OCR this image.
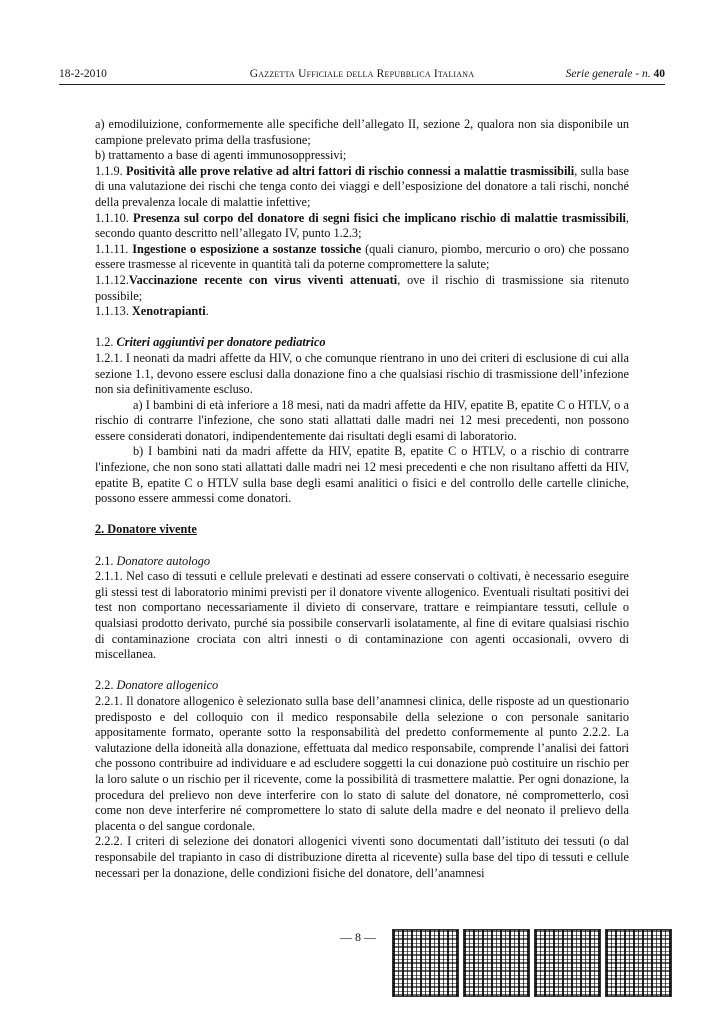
18-2-2010	Gazzetta Ufficiale della Repubblica Italiana	Serie generale - n. 40

a) emodiluizione, conformemente alle specifiche dell’allegato II, sezione 2, qualora non sia disponibile un campione prelevato prima della trasfusione;

b) trattamento a base di agenti immunosoppressivi;

1.1.9. Positività alle prove relative ad altri fattori di rischio connessi a malattie trasmissibili, sulla base di una valutazione dei rischi che tenga conto dei viaggi e dell’esposizione del donatore a tali rischi, nonché della prevalenza locale di malattie infettive;

1.1.10. Presenza sul corpo del donatore di segni fisici che implicano rischio di malattie trasmissibili, secondo quanto descritto nell’allegato IV, punto 1.2.3;

1.1.11. Ingestione o esposizione a sostanze tossiche (quali cianuro, piombo, mercurio o oro) che possano essere trasmesse al ricevente in quantità tali da poterne compromettere la salute;

1.1.12.Vaccinazione recente con virus viventi attenuati, ove il rischio di trasmissione sia ritenuto possibile;

1.1.13. Xenotrapianti.

1.2. Criteri aggiuntivi per donatore pediatrico

1.2.1. I neonati da madri affette da HIV, o che comunque rientrano in uno dei criteri di esclusione di cui alla sezione 1.1, devono essere esclusi dalla donazione fino a che qualsiasi rischio di trasmissione dell’infezione non sia definitivamente escluso.

a) I bambini di età inferiore a 18 mesi, nati da madri affette da HIV, epatite B, epatite C o HTLV, o a rischio di contrarre l'infezione, che sono stati allattati dalle madri nei 12 mesi precedenti, non possono essere considerati donatori, indipendentemente dai risultati degli esami di laboratorio.

b) I bambini nati da madri affette da HIV, epatite B, epatite C o HTLV, o a rischio di contrarre l'infezione, che non sono stati allattati dalle madri nei 12 mesi precedenti e che non risultano affetti da HIV, epatite B, epatite C o HTLV sulla base degli esami analitici o fisici e del controllo delle cartelle cliniche, possono essere ammessi come donatori.

2. Donatore vivente

2.1. Donatore autologo

2.1.1. Nel caso di tessuti e cellule prelevati e destinati ad essere conservati o coltivati, è necessario eseguire gli stessi test di laboratorio minimi previsti per il donatore vivente allogenico. Eventuali risultati positivi dei test non comportano necessariamente il divieto di conservare, trattare e reimpiantare tessuti, cellule o qualsiasi prodotto derivato, purché sia possibile conservarli isolatamente, al fine di evitare qualsiasi rischio di contaminazione crociata con altri innesti o di contaminazione con agenti occasionali, ovvero di miscellanea.

2.2. Donatore allogenico

2.2.1. Il donatore allogenico è selezionato sulla base dell’anamnesi clinica, delle risposte ad un questionario predisposto e del colloquio con il medico responsabile della selezione o con personale sanitario appositamente formato, operante sotto la responsabilità del predetto conformemente al punto 2.2.2. La valutazione della idoneità alla donazione, effettuata dal medico responsabile, comprende l’analisi dei fattori che possono contribuire ad individuare e ad escludere soggetti la cui donazione può costituire un rischio per la loro salute o un rischio per il ricevente, come la possibilità di trasmettere malattie. Per ogni donazione, la procedura del prelievo non deve interferire con lo stato di salute del donatore, né comprometterlo, così come non deve interferire né compromettere lo stato di salute della madre e del neonato il prelievo della placenta o del sangue cordonale.

2.2.2. I criteri di selezione dei donatori allogenici viventi sono documentati dall’istituto dei tessuti (o dal responsabile del trapianto in caso di distribuzione diretta al ricevente) sulla base del tipo di tessuti e cellule necessari per la donazione, delle condizioni fisiche del donatore, dell’anamnesi

— 8 —
